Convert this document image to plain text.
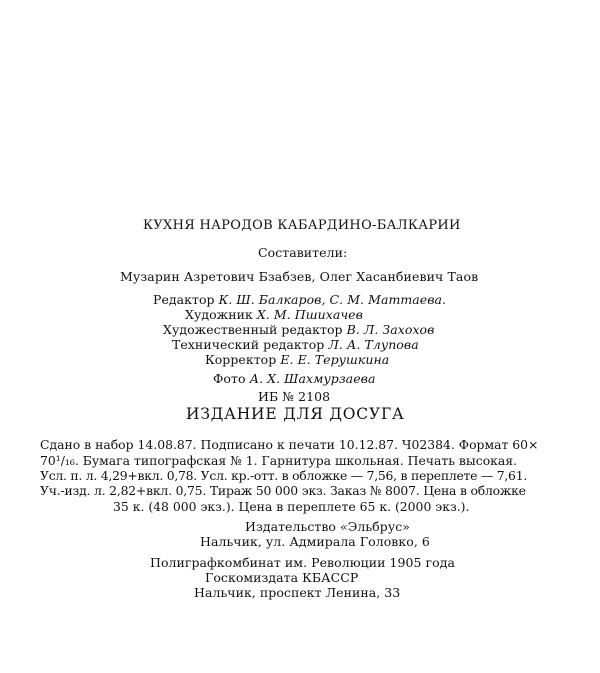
КУХНЯ НАРОДОВ КАБАРДИНО-БАЛКАРИИ
Составители:
Музарин Азретович Бзабзев, Олег Хасанбиевич Таов
Редактор К. Ш. Балкаров, С. М. Маттаева.
Художник Х. М. Пшихачев
Художественный редактор В. Л. Захохов
Технический редактор Л. А. Тлупова
Корректор Е. Е. Терушкина
Фото А. Х. Шахмурзаева
ИБ № 2108
ИЗДАНИЕ ДЛЯ ДОСУГА
Сдано в набор 14.08.87. Подписано к печати 10.12.87. Ч02384. Формат 60×
70¹/₁₆. Бумага типографская № 1. Гарнитура школьная. Печать высокая.
Усл. п. л. 4,29+вкл. 0,78. Усл. кр.-отт. в обложке — 7,56, в переплете — 7,61.
Уч.-изд. л. 2,82+вкл. 0,75. Тираж 50 000 экз. Заказ № 8007. Цена в обложке
35 к. (48 000 экз.). Цена в переплете 65 к. (2000 экз.).
Издательство «Эльбрус»
Нальчик, ул. Адмирала Головко, 6
Полиграфкомбинат им. Революции 1905 года
Госкомиздата КБАССР
Нальчик, проспект Ленина, 33
